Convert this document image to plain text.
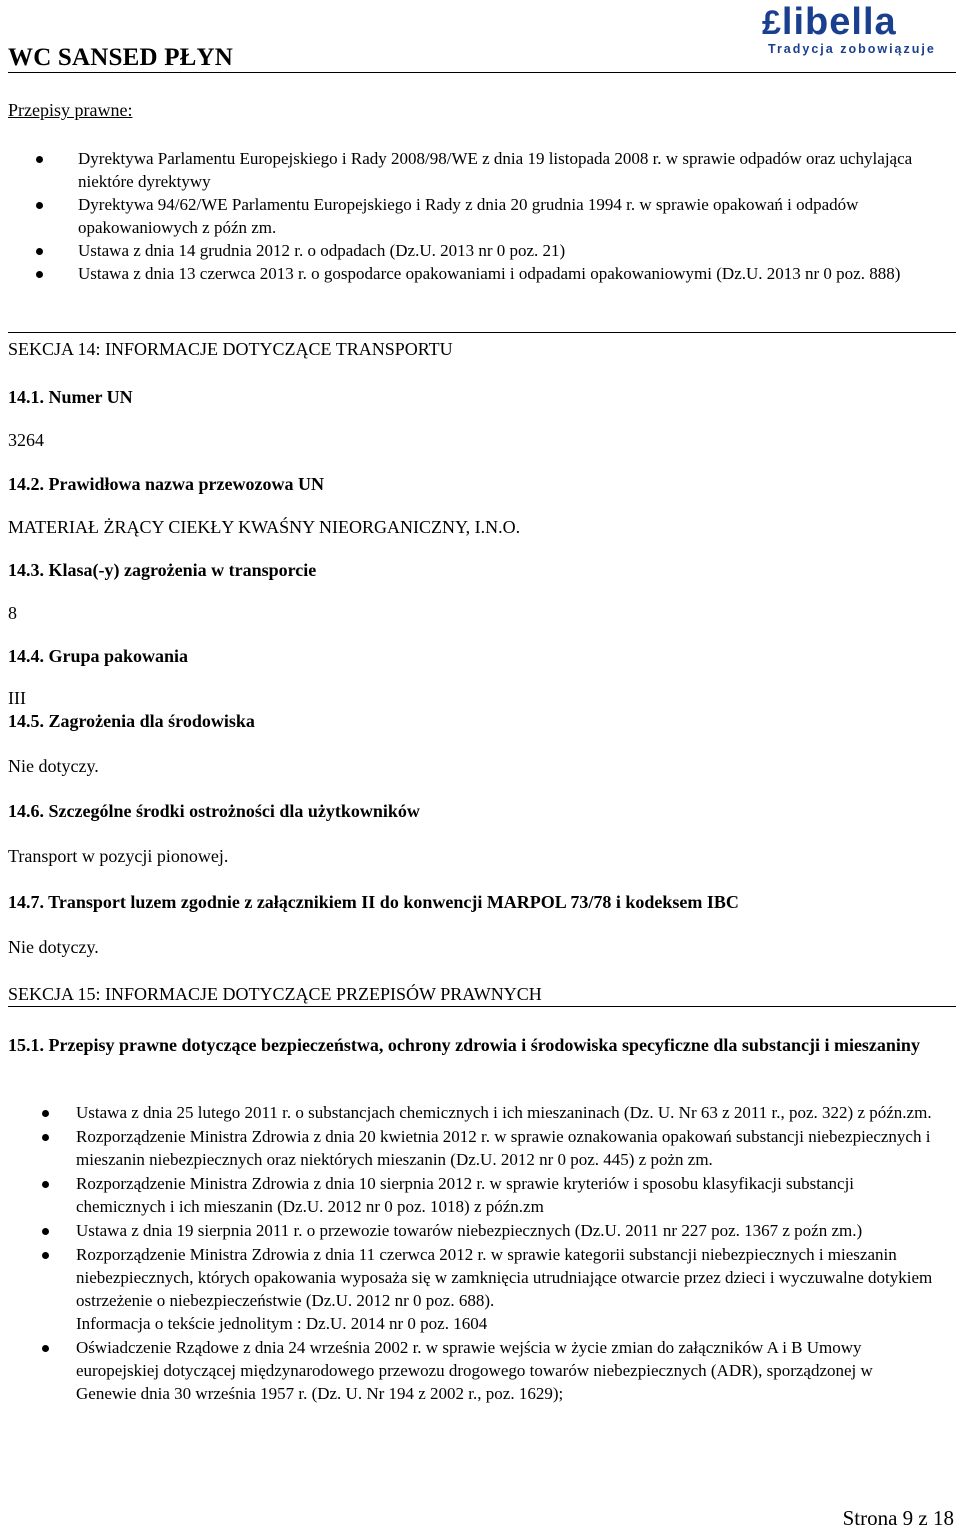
WC SANSED PŁYN
£libella
Tradycja zobowiązuje
Przepisy prawne:
Dyrektywa Parlamentu Europejskiego i Rady 2008/98/WE z dnia 19 listopada 2008 r. w sprawie odpadów oraz uchylająca niektóre dyrektywy
Dyrektywa 94/62/WE Parlamentu Europejskiego i Rady z dnia 20 grudnia 1994 r. w sprawie opakowań i odpadów opakowaniowych z późn zm.
Ustawa z dnia 14 grudnia 2012 r. o odpadach (Dz.U. 2013 nr 0 poz. 21)
Ustawa z dnia 13 czerwca 2013 r. o gospodarce opakowaniami i odpadami opakowaniowymi (Dz.U. 2013 nr 0 poz. 888)
SEKCJA 14: INFORMACJE DOTYCZĄCE TRANSPORTU
14.1. Numer UN
3264
14.2. Prawidłowa nazwa przewozowa UN
MATERIAŁ ŻRĄCY CIEKŁY KWAŚNY NIEORGANICZNY, I.N.O.
14.3. Klasa(-y) zagrożenia w transporcie
8
14.4. Grupa pakowania
III
14.5. Zagrożenia dla środowiska
Nie dotyczy.
14.6. Szczególne środki ostrożności dla użytkowników
Transport w pozycji pionowej.
14.7. Transport luzem zgodnie z załącznikiem II do konwencji MARPOL 73/78 i kodeksem IBC
Nie dotyczy.
SEKCJA 15: INFORMACJE DOTYCZĄCE PRZEPISÓW PRAWNYCH
15.1. Przepisy prawne dotyczące bezpieczeństwa, ochrony zdrowia i środowiska specyficzne dla substancji i mieszaniny
Ustawa z dnia 25 lutego 2011 r. o substancjach chemicznych i ich mieszaninach (Dz. U. Nr 63 z 2011 r., poz. 322) z późn.zm.
Rozporządzenie Ministra Zdrowia z dnia 20 kwietnia 2012 r. w sprawie oznakowania opakowań substancji niebezpiecznych i mieszanin niebezpiecznych oraz niektórych mieszanin (Dz.U. 2012 nr 0 poz. 445) z pożn zm.
Rozporządzenie Ministra Zdrowia z dnia 10 sierpnia 2012 r. w sprawie kryteriów i sposobu klasyfikacji substancji chemicznych i ich mieszanin (Dz.U. 2012 nr 0 poz. 1018) z późn.zm
Ustawa z dnia 19 sierpnia 2011 r. o przewozie towarów niebezpiecznych (Dz.U. 2011 nr 227 poz. 1367 z poźn zm.)
Rozporządzenie Ministra Zdrowia z dnia 11 czerwca 2012 r. w sprawie kategorii substancji niebezpiecznych i mieszanin niebezpiecznych, których opakowania wyposaża się w zamknięcia utrudniające otwarcie przez dzieci i wyczuwalne dotykiem ostrzeżenie o niebezpieczeństwie (Dz.U. 2012 nr 0 poz. 688).
Informacja o tekście jednolitym : Dz.U. 2014 nr 0 poz. 1604
Oświadczenie Rządowe z dnia 24 września 2002 r. w sprawie wejścia w życie zmian do załączników A i B Umowy europejskiej dotyczącej międzynarodowego przewozu drogowego towarów niebezpiecznych (ADR), sporządzonej w Genewie dnia 30 września 1957 r. (Dz. U. Nr 194 z 2002 r., poz. 1629);
Strona 9 z 18
